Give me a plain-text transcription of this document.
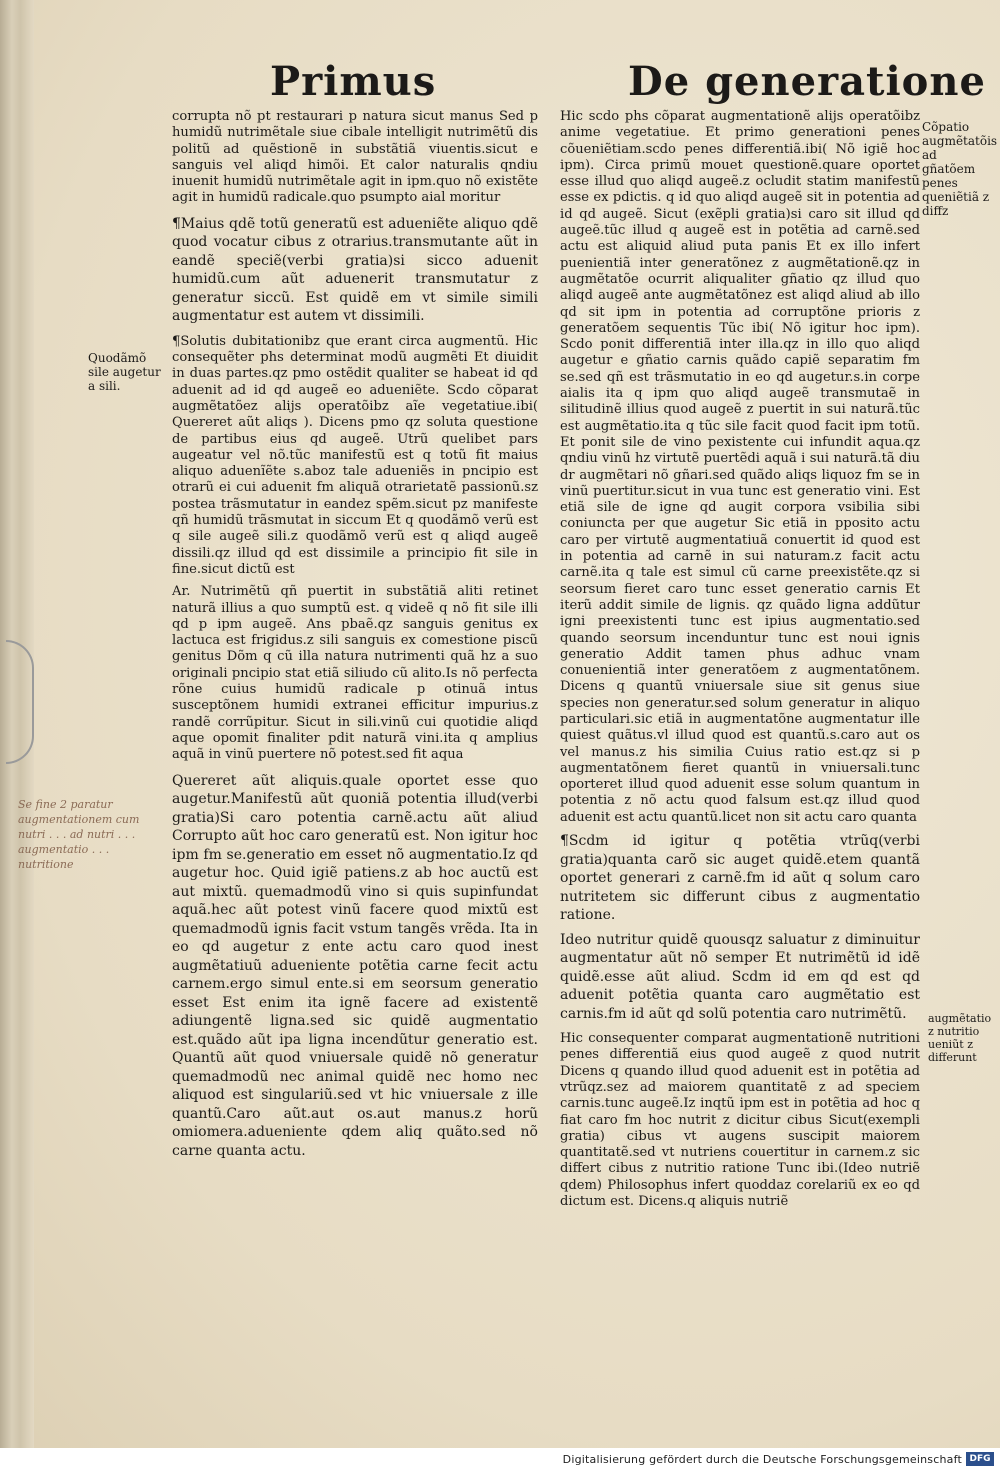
Primus	De generatione
Quodãmõ sile augetur a sili.
Cõpatio augmẽtatõis ad gñatõem penes queniẽtiã z diffz
augmẽtatio z nutritio ueniũt z differunt
Se fine 2 paratur augmentationem cum nutri . . . ad nutri . . . augmentatio . . . nutritione

corrupta nõ pt restaurari p natura sicut manus Sed p humidũ nutrimẽtale siue cibale intelligit nutrimẽtũ dis politũ ad quẽstionẽ in substãtiã viuentis.sicut e sanguis vel aliqd himõi. Et calor naturalis qndiu inuenit humidũ nutrimẽtale agit in ipm.quo nõ existẽte agit in humidũ radicale.quo psumpto aial moritur

¶Maius qdẽ totũ generatũ est adueniẽte aliquo qdẽ quod vocatur cibus z otrarius.transmutante aũt in eandẽ speciẽ(verbi gratia)si sicco aduenit humidũ.cum aũt aduenerit transmutatur z generatur siccũ. Est quidẽ em vt simile simili augmentatur est autem vt dissimili.

¶Solutis dubitationibz que erant circa augmentũ. Hic consequẽter phs determinat modũ augmẽti Et diuidit in duas partes.qz pmo ostẽdit qualiter se habeat id qd aduenit ad id qd augeẽ eo adueniẽte. Scdo cõparat augmẽtatõez alijs operatõibz aĩe vegetatiue.ibi( Quereret aũt aliqs ). Dicens pmo qz soluta questione de partibus eius qd augeẽ. Utrũ quelibet pars augeatur vel nõ.tũc manifestũ est q totũ fit maius aliquo aduenĩẽte s.aboz tale adueniẽs in pncipio est otrarũ ei cui aduenit fm aliquã otrarietatẽ passionũ.sz postea trãsmutatur in eandez spẽm.sicut pz manifeste qñ humidũ trãsmutat in siccum Et q quodãmõ verũ est q sile augeẽ sili.z quodãmõ verũ est q aliqd augeẽ dissili.qz illud qd est dissimile a principio fit sile in fine.sicut dictũ est

Ar. Nutrimẽtũ qñ puertit in substãtiã aliti retinet naturã illius a quo sumptũ est. q videẽ q nõ fit sile illi qd p ipm augeẽ. Ans pbaẽ.qz sanguis genitus ex lactuca est frigidus.z sili sanguis ex comestione piscũ genitus Dõm q cũ illa natura nutrimenti quã hz a suo originali pncipio stat etiã siliudo cũ alito.Is nõ perfecta rõne cuius humidũ radicale p otinuã intus susceptõnem humidi extranei efficitur impurius.z randẽ corrũpitur. Sicut in sili.vinũ cui quotidie aliqd aque opomit finaliter pdit naturã vini.ita q amplius aquã in vinũ puertere nõ potest.sed fit aqua

Quereret aũt aliquis.quale oportet esse quo augetur.Manifestũ aũt quoniã potentia illud(verbi gratia)Si caro potentia carnẽ.actu aũt aliud Corrupto aũt hoc caro generatũ est. Non igitur hoc ipm fm se.generatio em esset nõ augmentatio.Iz qd augetur hoc. Quid igiẽ patiens.z ab hoc auctũ est aut mixtũ. quemadmodũ vino si quis supinfundat aquã.hec aũt potest vinũ facere quod mixtũ est quemadmodũ ignis facit vstum tangẽs vrẽda. Ita in eo qd augetur z ente actu caro quod inest augmẽtatiuũ adueniente potẽtia carne fecit actu carnem.ergo simul ente.si em seorsum generatio esset Est enim ita ignẽ facere ad existentẽ adiungentẽ ligna.sed sic quidẽ augmentatio est.quãdo aũt ipa ligna incendũtur generatio est. Quantũ aũt quod vniuersale quidẽ nõ generatur quemadmodũ nec animal quidẽ nec homo nec aliquod est singulariũ.sed vt hic vniuersale z ille quantũ.Caro aũt.aut os.aut manus.z horũ omiomera.adueniente qdem aliq quãto.sed nõ carne quanta actu.

Hic scdo phs cõparat augmentationẽ alijs operatõibz anime vegetatiue. Et primo generationi penes cõueniẽtiam.scdo penes differentiã.ibi( Nõ igiẽ hoc ipm). Circa primũ mouet questionẽ.quare oportet esse illud quo aliqd augeẽ.z ocludit statim manifestũ esse ex pdictis. q id quo aliqd augeẽ sit in potentia ad id qd augeẽ. Sicut (exẽpli gratia)si caro sit illud qd augeẽ.tũc illud q augeẽ est in potẽtia ad carnẽ.sed actu est aliquid aliud puta panis Et ex illo infert puenientiã inter generatõnez z augmẽtationẽ.qz in augmẽtatõe ocurrit aliqualiter gñatio qz illud quo aliqd augeẽ ante augmẽtatõnez est aliqd aliud ab illo qd sit ipm in potentia ad corruptõne prioris z generatõem sequentis Tũc ibi( Nõ igitur hoc ipm). Scdo ponit differentiã inter illa.qz in illo quo aliqd augetur e gñatio carnis quãdo capiẽ separatim fm se.sed qñ est trãsmutatio in eo qd augetur.s.in corpe aialis ita q ipm quo aliqd augeẽ transmutaẽ in silitudinẽ illius quod augeẽ z puertit in sui naturã.tũc est augmẽtatio.ita q tũc sile facit quod facit ipm totũ. Et ponit sile de vino pexistente cui infundit aqua.qz qndiu vinũ hz virtutẽ puertẽdi aquã i sui naturã.tã diu dr augmẽtari nõ gñari.sed quãdo aliqs liquoz fm se in vinũ puertitur.sicut in vua tunc est generatio vini. Est etiã sile de igne qd augit corpora vsibilia sibi coniuncta per que augetur Sic etiã in pposito actu caro per virtutẽ augmentatiuã conuertit id quod est in potentia ad carnẽ in sui naturam.z facit actu carnẽ.ita q tale est simul cũ carne preexistẽte.qz si seorsum fieret caro tunc esset generatio carnis Et iterũ addit simile de lignis. qz quãdo ligna addũtur igni preexistenti tunc est ipius augmentatio.sed quando seorsum incenduntur tunc est noui ignis generatio Addit tamen phus adhuc vnam conuenientiã inter generatõem z augmentatõnem. Dicens q quantũ vniuersale siue sit genus siue species non generatur.sed solum generatur in aliquo particulari.sic etiã in augmentatõne augmentatur ille quiest quãtus.vl illud quod est quantũ.s.caro aut os vel manus.z his similia Cuius ratio est.qz si p augmentatõnem fieret quantũ in vniuersali.tunc oporteret illud quod aduenit esse solum quantum in potentia z nõ actu quod falsum est.qz illud quod aduenit est actu quantũ.licet non sit actu caro quanta

¶Scdm id igitur q potẽtia vtrũq(verbi gratia)quanta carõ sic auget quidẽ.etem quantã oportet generari z carnẽ.fm id aũt q solum caro nutritetem sic differunt cibus z augmentatio ratione.

Ideo nutritur quidẽ quousqz saluatur z diminuitur augmentatur aũt nõ semper Et nutrimẽtũ id idẽ quidẽ.esse aũt aliud. Scdm id em qd est qd aduenit potẽtia quanta caro augmẽtatio est carnis.fm id aũt qd solũ potentia caro nutrimẽtũ.

Hic consequenter comparat augmentationẽ nutritioni penes differentiã eius quod augeẽ z quod nutrit Dicens q quando illud quod aduenit est in potẽtia ad vtrũqz.sez ad maiorem quantitatẽ z ad speciem carnis.tunc augeẽ.Iz inqtũ ipm est in potẽtia ad hoc q fiat caro fm hoc nutrit z dicitur cibus Sicut(exempli gratia) cibus vt augens suscipit maiorem quantitatẽ.sed vt nutriens couertitur in carnem.z sic differt cibus z nutritio ratione Tunc ibi.(Ideo nutriẽ qdem) Philosophus infert quoddaz corelariũ ex eo qd dictum est. Dicens.q aliquis nutriẽ

Digitalisierung gefördert durch die Deutsche Forschungsgemeinschaft DFG
